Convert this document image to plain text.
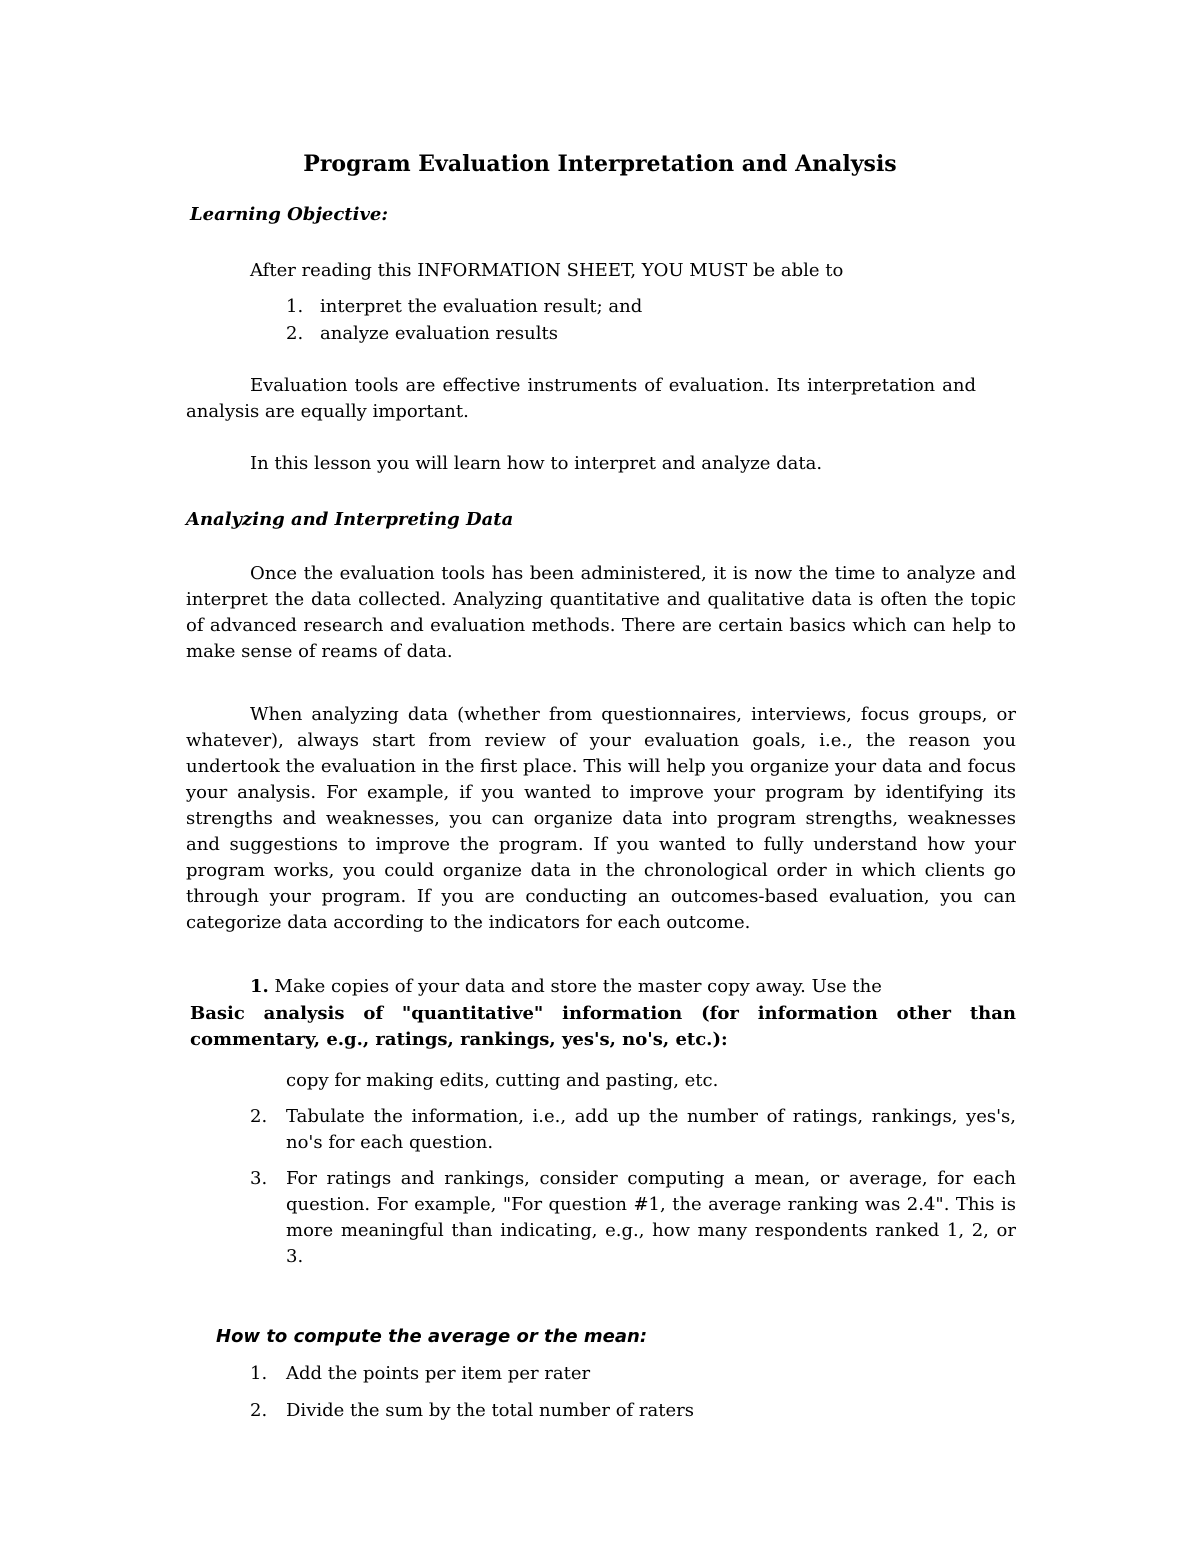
Program Evaluation Interpretation and Analysis
Learning Objective:
After reading this INFORMATION SHEET, YOU MUST be able to
1. interpret the evaluation result; and
2. analyze evaluation results

Evaluation tools are effective instruments of evaluation. Its interpretation and analysis are equally important.

In this lesson you will learn how to interpret and analyze data.

Analyzing and Interpreting Data

Once the evaluation tools has been administered, it is now the time to analyze and interpret the data collected. Analyzing quantitative and qualitative data is often the topic of advanced research and evaluation methods. There are certain basics which can help to make sense of reams of data.

When analyzing data (whether from questionnaires, interviews, focus groups, or whatever), always start from review of your evaluation goals, i.e., the reason you undertook the evaluation in the first place. This will help you organize your data and focus your analysis. For example, if you wanted to improve your program by identifying its strengths and weaknesses, you can organize data into program strengths, weaknesses and suggestions to improve the program. If you wanted to fully understand how your program works, you could organize data in the chronological order in which clients go through your program. If you are conducting an outcomes-based evaluation, you can categorize data according to the indicators for each outcome.

1. Make copies of your data and store the master copy away. Use the

Basic analysis of "quantitative" information (for information other than commentary, e.g., ratings, rankings, yes's, no's, etc.):

copy for making edits, cutting and pasting, etc.
2.	Tabulate the information, i.e., add up the number of ratings, rankings, yes's, no's for each question.
3.	For ratings and rankings, consider computing a mean, or average, for each question. For example, "For question #1, the average ranking was 2.4". This is more meaningful than indicating, e.g., how many respondents ranked 1, 2, or 3.
How to compute the average or the mean:
1.	Add the points per item per rater
2.	Divide the sum by the total number of raters
